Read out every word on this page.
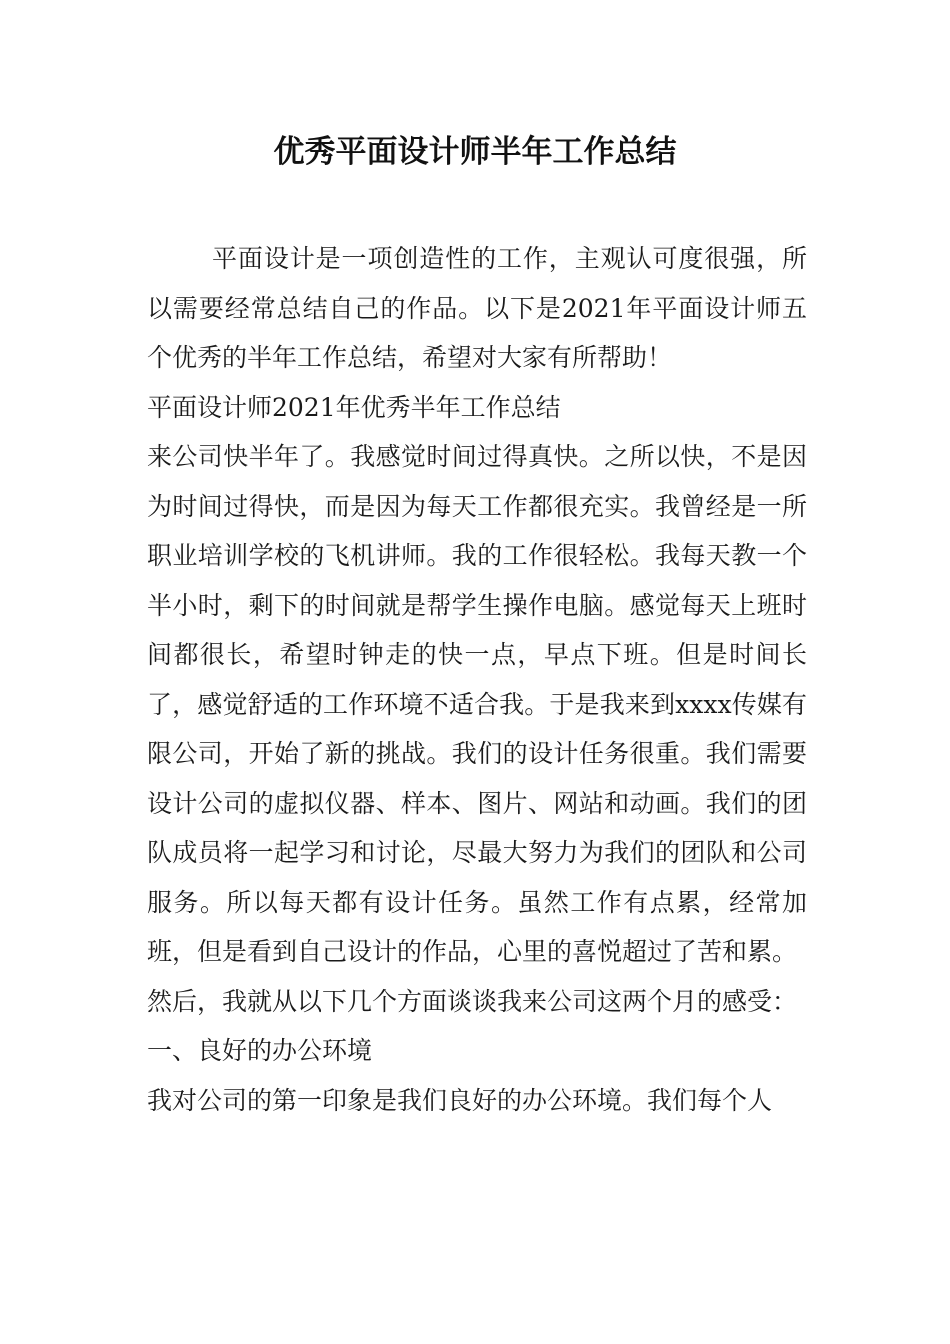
优秀平面设计师半年工作总结

平面设计是一项创造性的工作，主观认可度很强，所以需要经常总结自己的作品。以下是2021年平面设计师五个优秀的半年工作总结，希望对大家有所帮助！

平面设计师2021年优秀半年工作总结

来公司快半年了。我感觉时间过得真快。之所以快，不是因为时间过得快，而是因为每天工作都很充实。我曾经是一所职业培训学校的飞机讲师。我的工作很轻松。我每天教一个半小时，剩下的时间就是帮学生操作电脑。感觉每天上班时间都很长，希望时钟走的快一点，早点下班。但是时间长了，感觉舒适的工作环境不适合我。于是我来到xxxx传媒有限公司，开始了新的挑战。我们的设计任务很重。我们需要设计公司的虚拟仪器、样本、图片、网站和动画。我们的团队成员将一起学习和讨论，尽最大努力为我们的团队和公司服务。所以每天都有设计任务。虽然工作有点累，经常加班，但是看到自己设计的作品，心里的喜悦超过了苦和累。

然后，我就从以下几个方面谈谈我来公司这两个月的感受：

一、良好的办公环境

我对公司的第一印象是我们良好的办公环境。我们每个人
